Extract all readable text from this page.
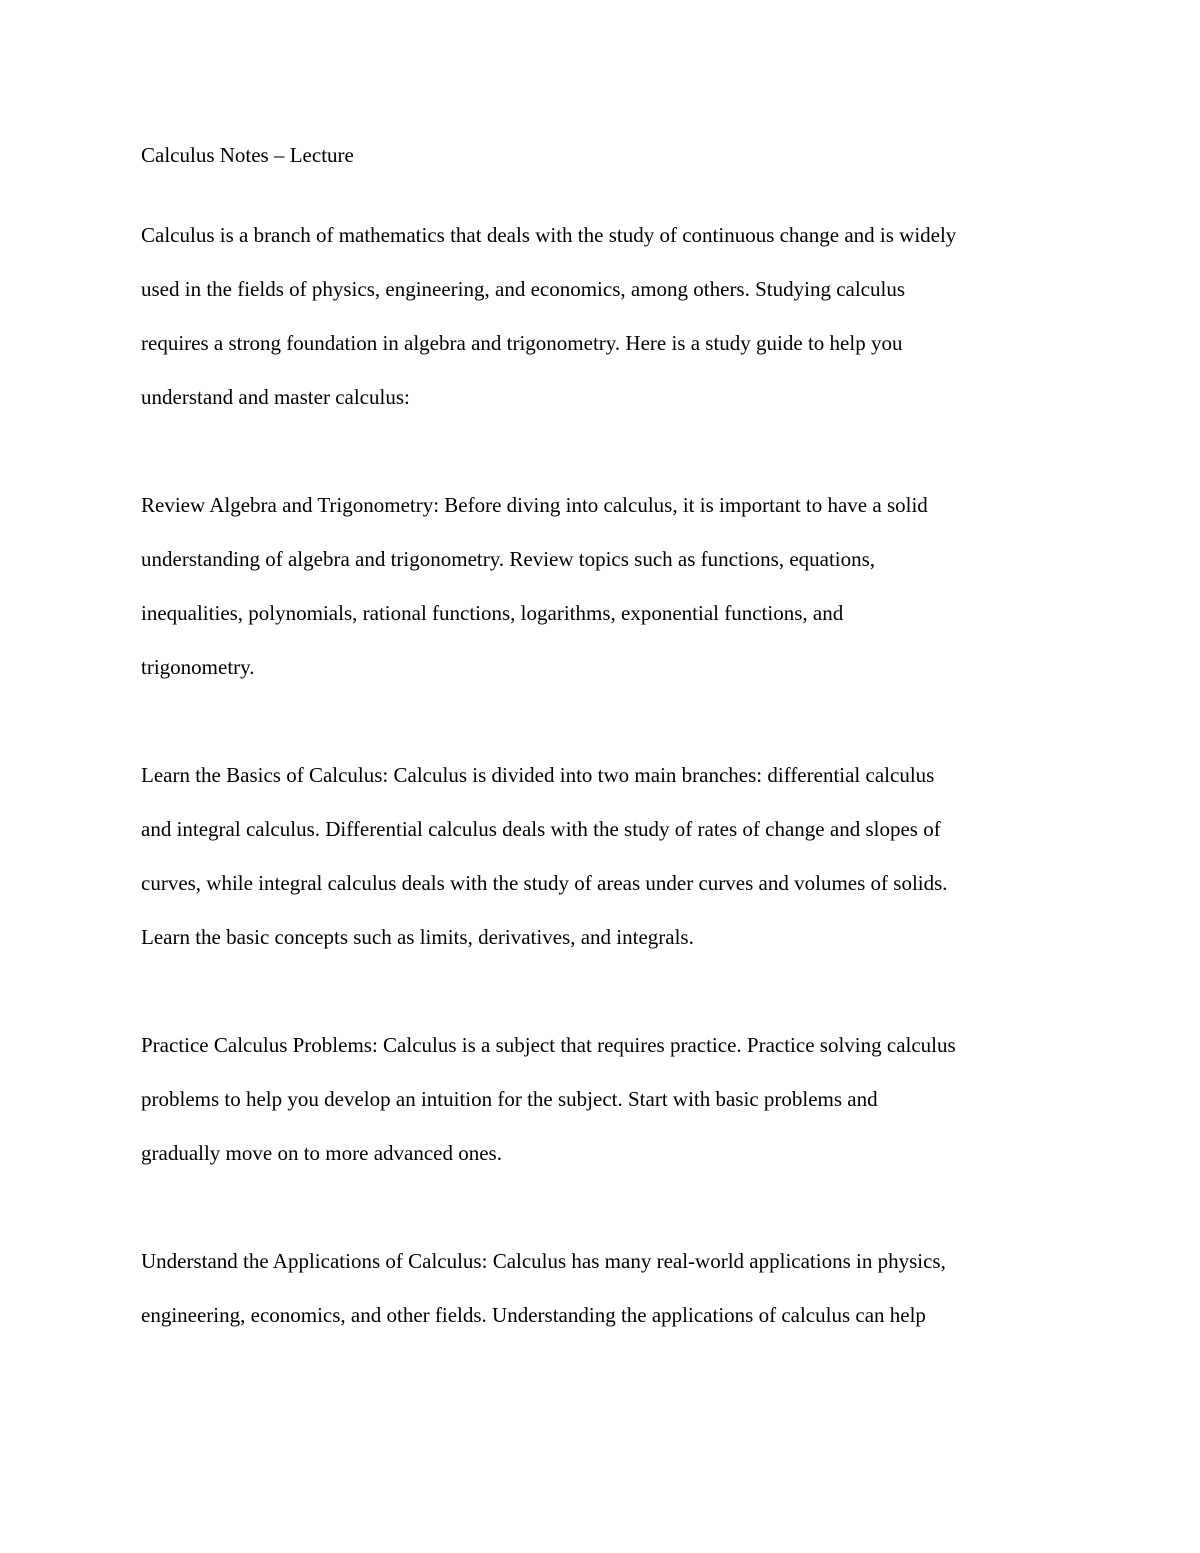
Calculus Notes – Lecture

Calculus is a branch of mathematics that deals with the study of continuous change and is widely
used in the fields of physics, engineering, and economics, among others. Studying calculus
requires a strong foundation in algebra and trigonometry. Here is a study guide to help you
understand and master calculus:
Review Algebra and Trigonometry: Before diving into calculus, it is important to have a solid
understanding of algebra and trigonometry. Review topics such as functions, equations,
inequalities, polynomials, rational functions, logarithms, exponential functions, and
trigonometry.
Learn the Basics of Calculus: Calculus is divided into two main branches: differential calculus
and integral calculus. Differential calculus deals with the study of rates of change and slopes of
curves, while integral calculus deals with the study of areas under curves and volumes of solids.
Learn the basic concepts such as limits, derivatives, and integrals.
Practice Calculus Problems: Calculus is a subject that requires practice. Practice solving calculus
problems to help you develop an intuition for the subject. Start with basic problems and
gradually move on to more advanced ones.
Understand the Applications of Calculus: Calculus has many real-world applications in physics,
engineering, economics, and other fields. Understanding the applications of calculus can help
